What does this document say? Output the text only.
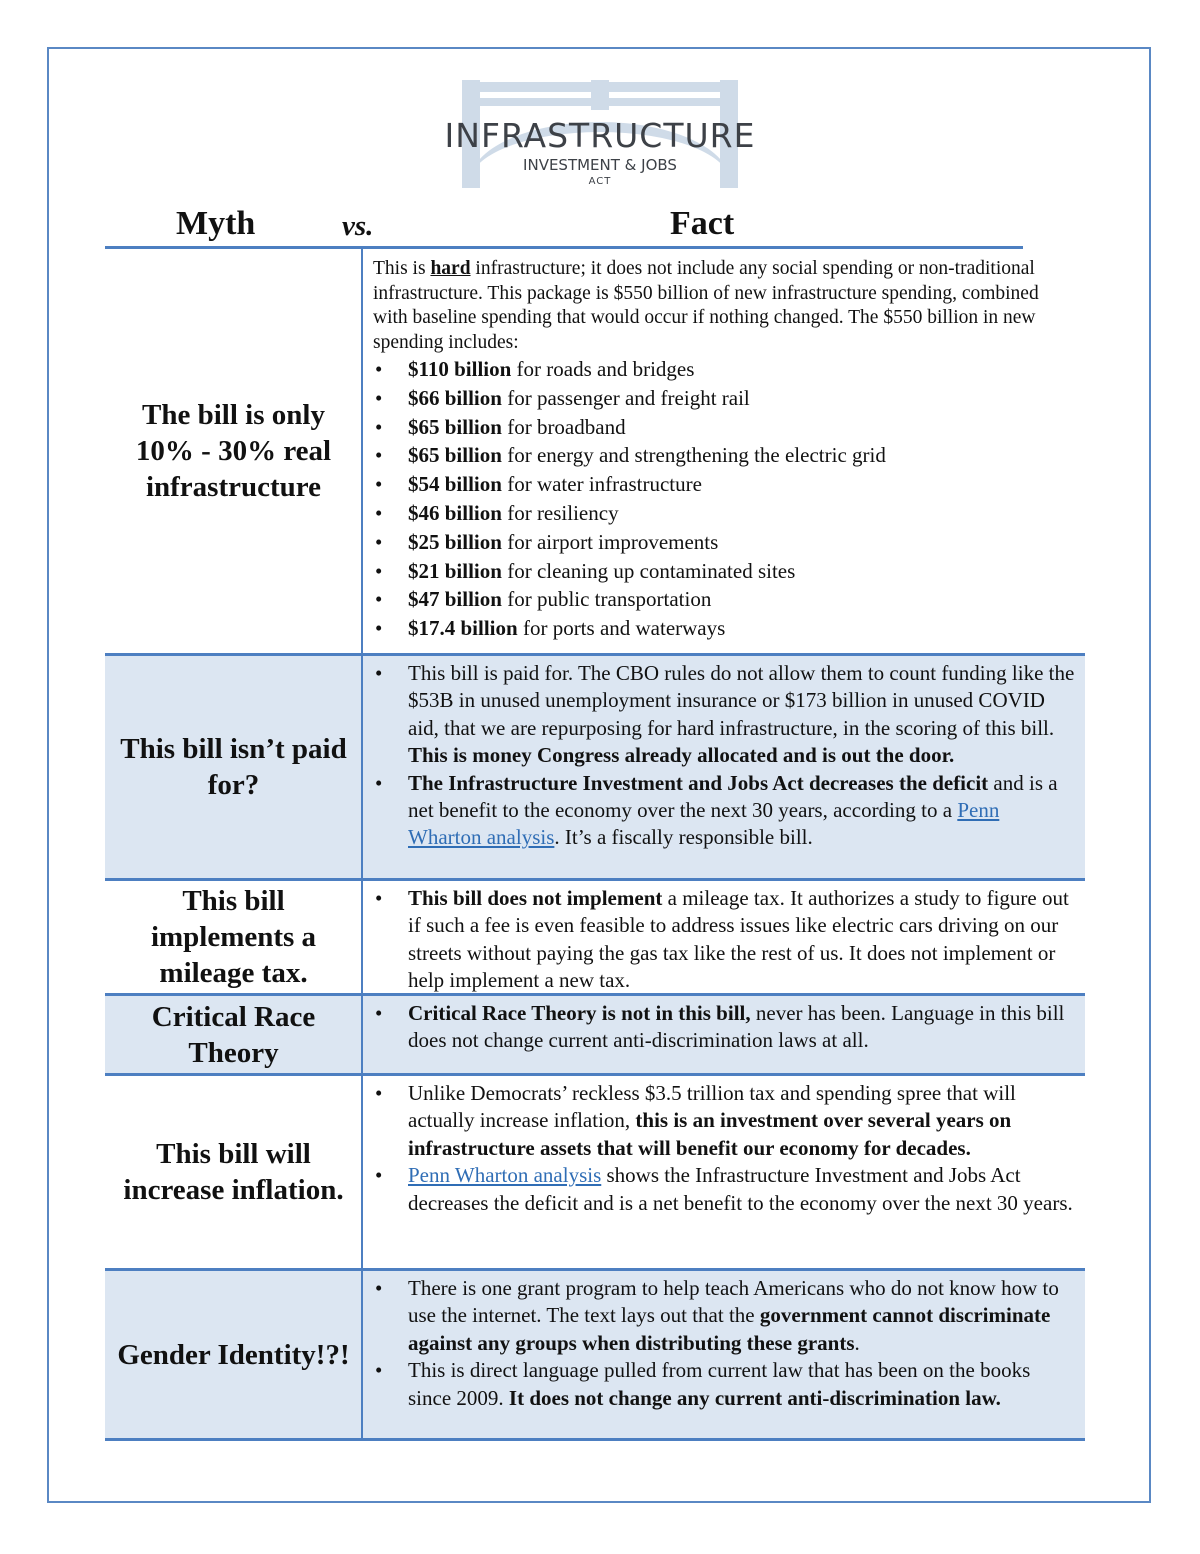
INFRASTRUCTURE
INVESTMENT & JOBS
ACT
Myth	vs.	Fact
The bill is only 10% - 30% real infrastructure
This is hard infrastructure; it does not include any social spending or non-traditional infrastructure. This package is $550 billion of new infrastructure spending, combined with baseline spending that would occur if nothing changed. The $550 billion in new spending includes:
• $110 billion for roads and bridges
• $66 billion for passenger and freight rail
• $65 billion for broadband
• $65 billion for energy and strengthening the electric grid
• $54 billion for water infrastructure
• $46 billion for resiliency
• $25 billion for airport improvements
• $21 billion for cleaning up contaminated sites
• $47 billion for public transportation
• $17.4 billion for ports and waterways
This bill isn’t paid for?
• This bill is paid for. The CBO rules do not allow them to count funding like the $53B in unused unemployment insurance or $173 billion in unused COVID aid, that we are repurposing for hard infrastructure, in the scoring of this bill. This is money Congress already allocated and is out the door.
• The Infrastructure Investment and Jobs Act decreases the deficit and is a net benefit to the economy over the next 30 years, according to a Penn Wharton analysis. It’s a fiscally responsible bill.
This bill implements a mileage tax.
• This bill does not implement a mileage tax. It authorizes a study to figure out if such a fee is even feasible to address issues like electric cars driving on our streets without paying the gas tax like the rest of us. It does not implement or help implement a new tax.
Critical Race Theory
• Critical Race Theory is not in this bill, never has been. Language in this bill does not change current anti-discrimination laws at all.
This bill will increase inflation.
• Unlike Democrats’ reckless $3.5 trillion tax and spending spree that will actually increase inflation, this is an investment over several years on infrastructure assets that will benefit our economy for decades.
• Penn Wharton analysis shows the Infrastructure Investment and Jobs Act decreases the deficit and is a net benefit to the economy over the next 30 years.
Gender Identity!?!
• There is one grant program to help teach Americans who do not know how to use the internet. The text lays out that the government cannot discriminate against any groups when distributing these grants.
• This is direct language pulled from current law that has been on the books since 2009. It does not change any current anti-discrimination law.
